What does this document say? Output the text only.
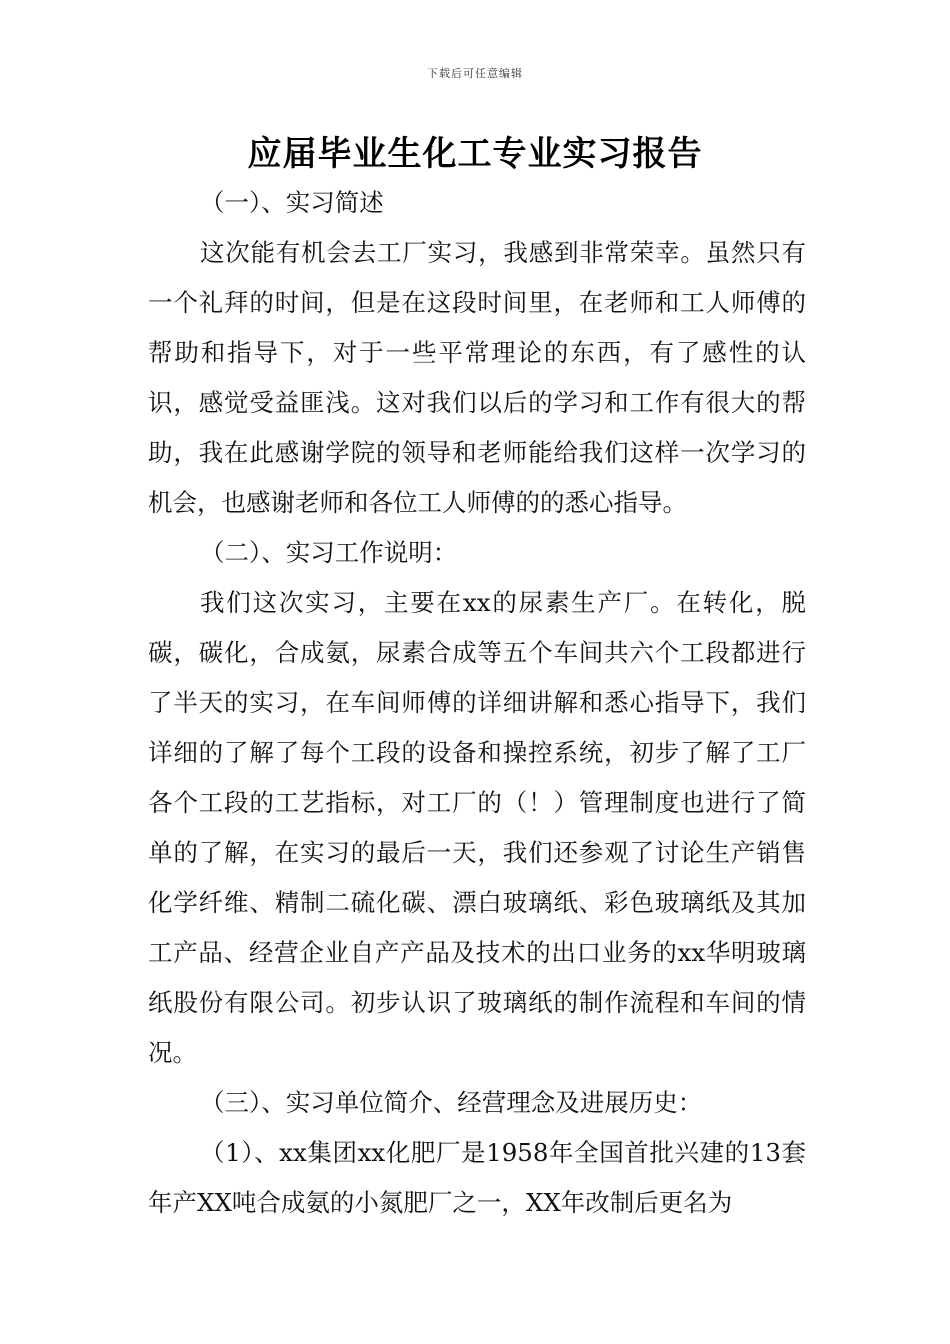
下载后可任意编辑
应届毕业生化工专业实习报告

（一）、实习简述

这次能有机会去工厂实习，我感到非常荣幸。虽然只有一个礼拜的时间，但是在这段时间里，在老师和工人师傅的帮助和指导下，对于一些平常理论的东西，有了感性的认识，感觉受益匪浅。这对我们以后的学习和工作有很大的帮助，我在此感谢学院的领导和老师能给我们这样一次学习的机会，也感谢老师和各位工人师傅的的悉心指导。

（二）、实习工作说明：

我们这次实习，主要在xx的尿素生产厂。在转化，脱碳，碳化，合成氨，尿素合成等五个车间共六个工段都进行了半天的实习，在车间师傅的详细讲解和悉心指导下，我们详细的了解了每个工段的设备和操控系统，初步了解了工厂各个工段的工艺指标，对工厂的（！）管理制度也进行了简单的了解，在实习的最后一天，我们还参观了讨论生产销售化学纤维、精制二硫化碳、漂白玻璃纸、彩色玻璃纸及其加工产品、经营企业自产产品及技术的出口业务的xx华明玻璃纸股份有限公司。初步认识了玻璃纸的制作流程和车间的情况。

（三）、实习单位简介、经营理念及进展历史：

（1）、xx集团xx化肥厂是1958年全国首批兴建的13套年产XX吨合成氨的小氮肥厂之一，XX年改制后更名为
